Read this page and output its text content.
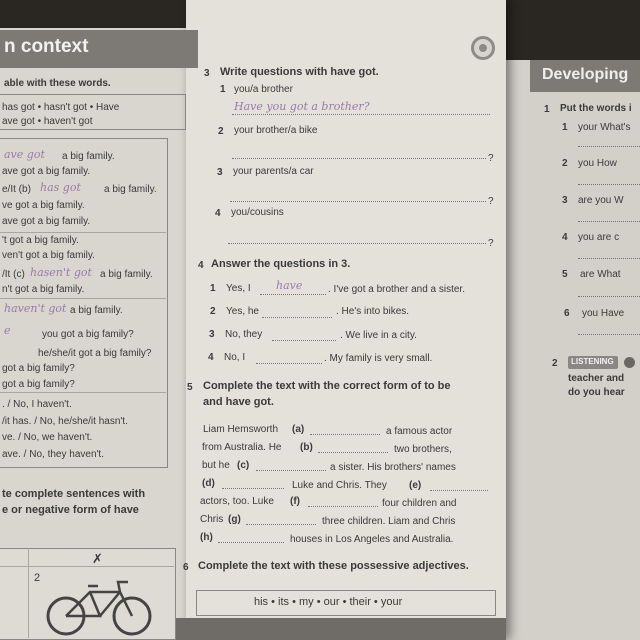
n context
able with these words.
has got • hasn't got • Have
ave got • haven't got
ave got a big family.
ave got a big family.
e/It (b) has got a big family.
ve got a big family.
ave got a big family.
't got a big family.
ven't got a big family.
/It (c) hasen't got a big family.
n't got a big family.
haven't got a big family.
e	you got a big family?
he/she/it got a big family?
got a big family?
got a big family?
. / No, I haven't.
/it has. / No, he/she/it hasn't.
ve. / No, we haven't.
ave. / No, they haven't.
te complete sentences with
e or negative form of have
✗
2
3 Write questions with have got.
1 you/a brother
Have you got a brother?
2 your brother/a bike
?
3 your parents/a car
?
4 you/cousins
?
4 Answer the questions in 3.
1 Yes, I have	. I've got a brother and a sister.
2 Yes, he	. He's into bikes.
3 No, they	. We live in a city.
4 No, I	. My family is very small.
5 Complete the text with the correct form of to be
and have got.
Liam Hemsworth (a)	a famous actor
from Australia. He (b)	two brothers,
but he (c)	a sister. His brothers' names
(d)	Luke and Chris. They (e)
actors, too. Luke (f)	four children and
Chris (g)	three children. Liam and Chris
(h)	houses in Los Angeles and Australia.
6 Complete the text with these possessive adjectives.
his • its • my • our • their • your
Developing
1 Put the words i
1 your What's
2 you How
3 are you W
4 you are c
5 are What
6 you Have
2 LISTENING
teacher and
do you hear
